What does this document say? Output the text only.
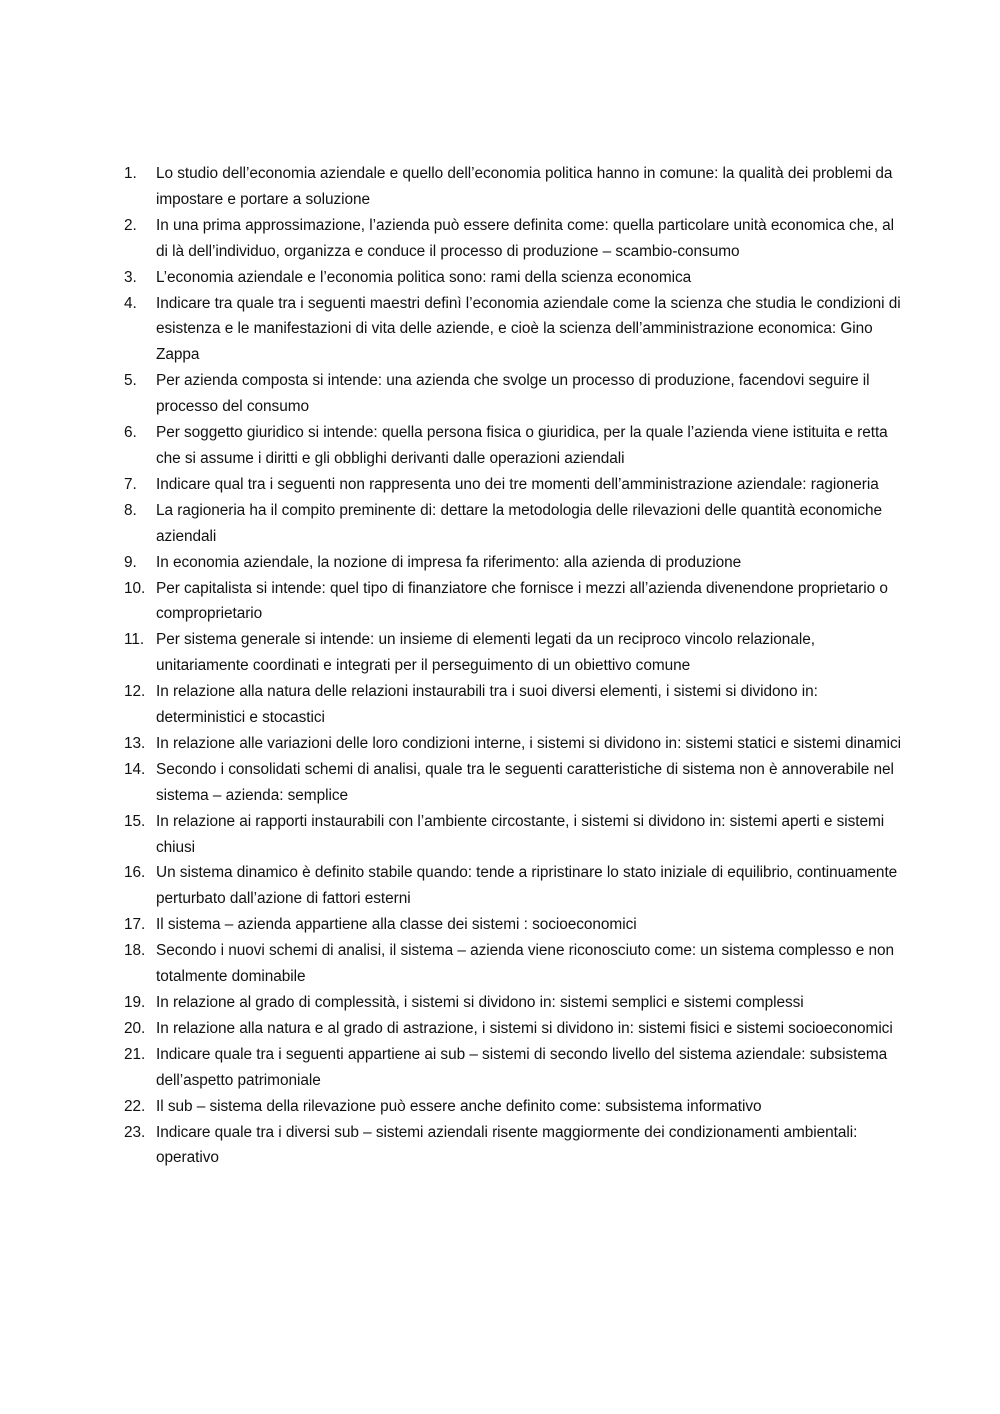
1.	Lo studio dell’economia aziendale e quello dell’economia politica hanno in comune: la qualità dei problemi da impostare e portare a soluzione
2.	In una prima approssimazione, l’azienda può essere definita come: quella particolare unità economica che, al di là dell’individuo, organizza e conduce il processo di produzione – scambio-consumo
3.	L’economia aziendale e l’economia politica sono: rami della scienza economica
4.	Indicare tra quale tra i seguenti maestri definì l’economia aziendale come la scienza che studia le condizioni di esistenza e le manifestazioni di vita delle aziende, e cioè la scienza dell’amministrazione economica: Gino Zappa
5.	Per azienda composta si intende: una azienda che svolge un processo di produzione, facendovi seguire il processo del consumo
6.	Per soggetto giuridico si intende: quella persona fisica o giuridica, per la quale l’azienda viene istituita e retta che si assume i diritti e gli obblighi derivanti dalle operazioni aziendali
7.	Indicare qual tra i seguenti non rappresenta uno dei tre momenti dell’amministrazione aziendale: ragioneria
8.	La ragioneria ha il compito preminente di: dettare la metodologia delle rilevazioni delle quantità economiche aziendali
9.	In economia aziendale, la nozione di impresa fa riferimento: alla azienda di produzione
10. Per capitalista si intende: quel tipo di finanziatore che fornisce i mezzi all’azienda divenendone proprietario o comproprietario
11. Per sistema generale si intende: un insieme di elementi legati da un reciproco vincolo relazionale, unitariamente coordinati e integrati per il perseguimento di un obiettivo comune
12. In relazione alla natura delle relazioni instaurabili tra i suoi diversi elementi, i sistemi si dividono in: deterministici e stocastici
13. In relazione alle variazioni delle loro condizioni interne, i sistemi si dividono in: sistemi statici e sistemi dinamici
14. Secondo i consolidati schemi di analisi, quale tra le seguenti caratteristiche di sistema non è annoverabile nel sistema – azienda: semplice
15. In relazione ai rapporti instaurabili con l’ambiente circostante, i sistemi si dividono in: sistemi aperti e sistemi chiusi
16. Un sistema dinamico è definito stabile quando: tende a ripristinare lo stato iniziale di equilibrio, continuamente perturbato dall’azione di fattori esterni
17. Il sistema – azienda appartiene alla classe dei sistemi : socioeconomici
18. Secondo i nuovi schemi di analisi, il sistema – azienda viene riconosciuto come: un sistema complesso e non totalmente dominabile
19. In relazione al grado di complessità, i sistemi si dividono in: sistemi semplici e sistemi complessi
20. In relazione alla natura e al grado di astrazione, i sistemi si dividono in: sistemi fisici e sistemi socioeconomici
21. Indicare quale tra i seguenti appartiene ai sub – sistemi di secondo livello del sistema aziendale: subsistema dell’aspetto patrimoniale
22. Il sub – sistema della rilevazione può essere anche definito come: subsistema informativo
23. Indicare quale tra i diversi sub – sistemi aziendali risente maggiormente dei condizionamenti ambientali: operativo
